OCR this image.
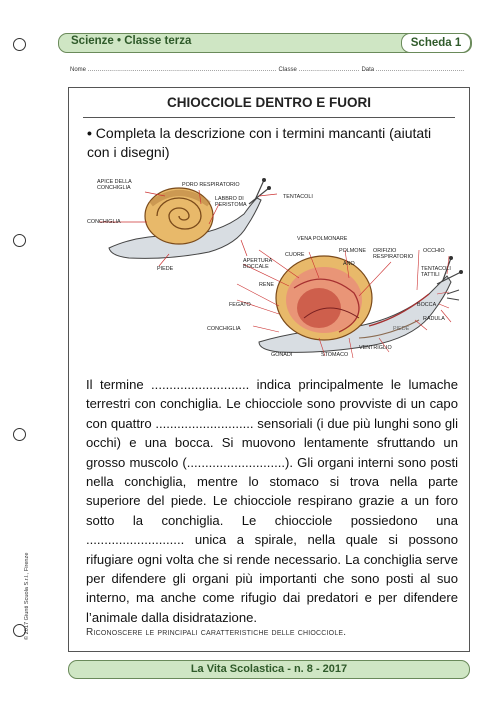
Scienze • Classe terza	Scheda 1
Nome ................................................................................................ Classe ............................... Data .............................................
CHIOCCIOLE DENTRO E FUORI
• Completa la descrizione con i termini mancanti (aiutati con i disegni)
APICE DELLA CONCHIGLIA	PORO RESPIRATORIO
LABBRO DI PERISTOMA
TENTACOLI
CONCHIGLIA
PIEDE
APERTURA BOCCALE
VENA POLMONARE
POLMONE
ANO
ORIFIZIO RESPIRATORIO
OCCHIO
CUORE
TENTACOLI TATTILI
RENE
FEGATO	BOCCA
RADULA
PIEDE
CONCHIGLIA
GONADI	STOMACO
VENTRIGLIO
Il termine ........................... indica principalmente le lumache terrestri con conchiglia. Le chiocciole sono provviste di un capo con quattro ........................... sensoriali (i due più lunghi sono gli occhi) e una bocca. Si muovono lentamente sfruttando un grosso muscolo (...........................). Gli organi interni sono posti nella conchiglia, mentre lo stomaco si trova nella parte superiore del piede. Le chiocciole respirano grazie a un foro sotto la conchiglia. Le chiocciole possiedono una ........................... unica a spirale, nella quale si possono rifugiare ogni volta che si rende necessario. La conchiglia serve per difendere gli organi più importanti che sono posti al suo interno, ma anche come rifugio dai predatori e per difendere l’animale dalla disidratazione.
Riconoscere le principali caratteristiche delle chiocciole.
© 2017 Giunti Scuola S.r.l., Firenze
La Vita Scolastica - n. 8 - 2017
